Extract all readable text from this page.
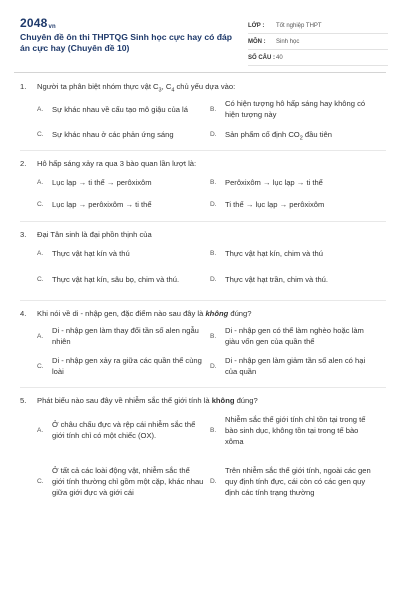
2048vn
Chuyên đề ôn thi THPTQG Sinh học cực hay có đáp án cực hay (Chuyên đề 10)
LỚP :	Tốt nghiệp THPT
MÔN :	Sinh học
SỐ CÂU : 40
1.	Người ta phân biệt nhóm thực vật $C_3$, $C_4$ chủ yếu dựa vào:
A.	Sự khác nhau về cấu tạo mô giậu của lá	B.
Có hiện tượng hô hấp sáng hay không có hiện tượng này
C.	Sự khác nhau ở các phản ứng sáng	D.	Sản phẩm cố định $CO_2$ đầu tiên
2.	Hô hấp sáng xảy ra qua 3 bào quan lần lượt là:
A.	Lục lạp → ti thể → perôxixôm	B.	Perôxixôm → lục lạp → ti thể
C.	Lục lạp → perôxixôm → ti thể	D.	Ti thể → lục lạp → perôxixôm
3.	Đại Tân sinh là đại phồn thịnh của
A.	Thực vật hạt kín và thú	B.	Thực vật hạt kín, chim và thú
C.	Thực vật hạt kín, sâu bọ, chim và thú.	D.	Thực vật hạt trần, chim và thú.
4.	Khi nói về di - nhập gen, đặc điểm nào sau đây là không đúng?
A.
Di - nhập gen làm thay đổi tần số alen ngẫu nhiên
B.
Di - nhập gen có thể làm nghèo hoặc làm giàu vốn gen của quần thể
C.
Di - nhập gen xảy ra giữa các quần thể cùng loài
D.
Di - nhập gen làm giảm tần số alen có hại của quần
5.	Phát biểu nào sau đây về nhiễm sắc thể giới tính là không đúng?
A.
Ở châu chấu đực và rệp cái nhiễm sắc thể giới tính chỉ có một chiếc (OX).
B.
Nhiễm sắc thể giới tính chỉ tồn tại trong tế bào sinh dục, không tồn tại trong tế bào xôma
C.
Ở tất cả các loài động vật, nhiễm sắc thể giới tính thường chỉ gồm một cặp, khác nhau giữa giới đực và giới cái
D.
Trên nhiễm sắc thể giới tính, ngoài các gen quy định tính đực, cái còn có các gen quy định các tính trạng thường
